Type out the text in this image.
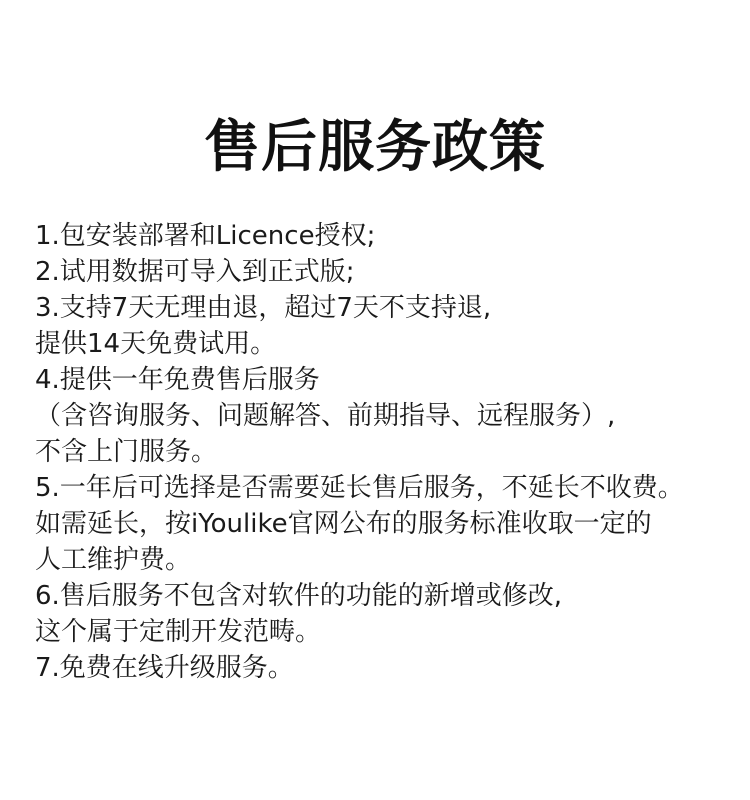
售后服务政策
1.包安装部署和Licence授权;
2.试用数据可导入到正式版;
3.支持7天无理由退，超过7天不支持退,
提供14天免费试用。
4.提供一年免费售后服务
（含咨询服务、问题解答、前期指导、远程服务）,
不含上门服务。
5.一年后可选择是否需要延长售后服务，不延长不收费。
如需延长，按iYoulike官网公布的服务标准收取一定的
人工维护费。
6.售后服务不包含对软件的功能的新增或修改,
这个属于定制开发范畴。
7.免费在线升级服务。
